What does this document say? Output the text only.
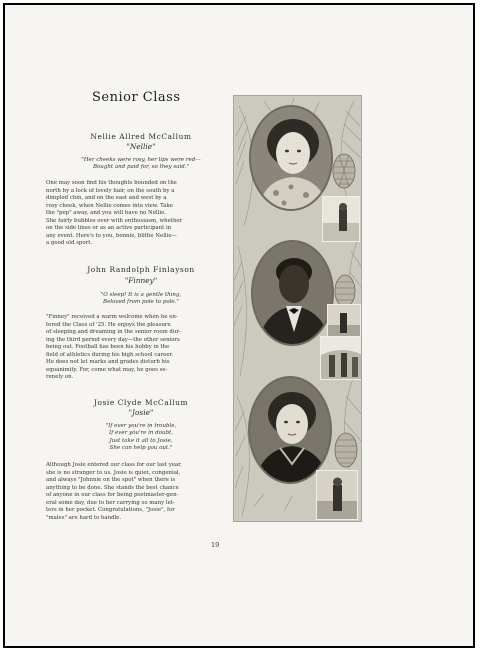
Senior Class
Nellie Allred McCallum
"Nellie"
"Her cheeks were rosy, her lips were red—
Bought and paid for, so they said."
One may soon find his thoughts bounded on the
north by a lock of lovely hair, on the south by a
dimpled chin, and on the east and west by a
rosy cheek, when Nellie comes into view. Take
the "pep" away, and you will have no Nellie.
She fairly bubbles over with enthusiasm, whether
on the side lines or as an active participant in
any event. Here's to you, bonnie, blithe Nellie—
a good old sport.
John Randolph Finlayson
"Finney"
"O sleep! It is a gentle thing,
Beloved from pole to pole."
"Finney" received a warm welcome when he en-
tered the Class of '25. He enjoys the pleasure
of sleeping and dreaming in the senior room dur-
ing the third period every day—the other seniors
being out. Football has been his hobby in the
field of athletics during his high school career.
He does not let marks and grades disturb his
equanimity. For, come what may, he goes se-
renely on.
Josie Clyde McCallum
"Josie"
"If ever you're in trouble,
If ever you're in doubt,
Just take it all to Josie,
She can help you out."
Although Josie entered our class for our last year,
she is no stranger to us. Josie is quiet, congenial,
and always "Johnnie on the spot" when there is
anything to be done. She stands the best chance
of anyone in our class for being postmaster-gen-
eral some day, due to her carrying so many let-
ters in her pocket. Congratulations, "Josie", for
"males" are hard to handle.
19
